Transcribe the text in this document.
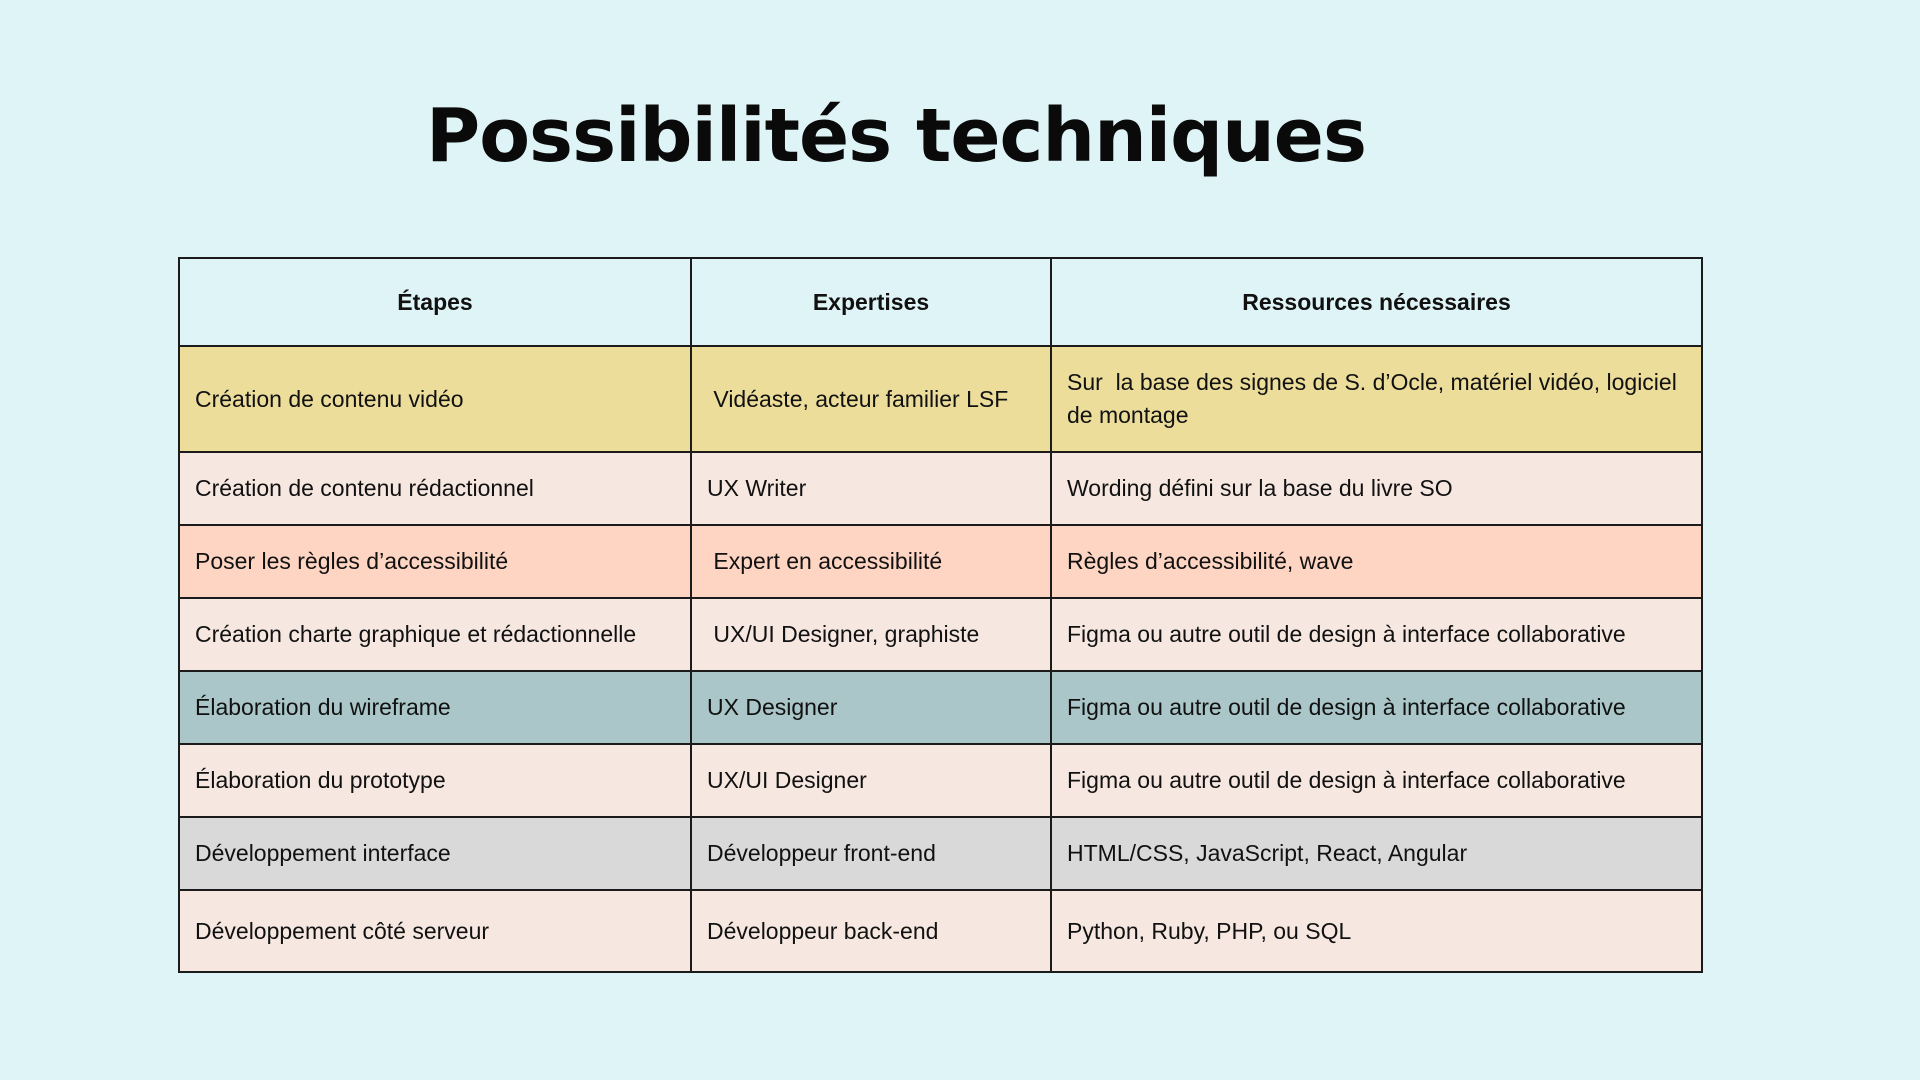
Possibilités techniques
Étapes	Expertises	Ressources nécessaires
Création de contenu vidéo	Vidéaste, acteur familier LSF	Sur  la base des signes de S. d’Ocle, matériel vidéo, logiciel de montage
Création de contenu rédactionnel	UX Writer	Wording défini sur la base du livre SO
Poser les règles d’accessibilité	Expert en accessibilité	Règles d’accessibilité, wave
Création charte graphique et rédactionnelle	UX/UI Designer, graphiste	Figma ou autre outil de design à interface collaborative
Élaboration du wireframe	UX Designer	Figma ou autre outil de design à interface collaborative
Élaboration du prototype	UX/UI Designer	Figma ou autre outil de design à interface collaborative
Développement interface	Développeur front-end	HTML/CSS, JavaScript, React, Angular
Développement côté serveur	Développeur back-end	Python, Ruby, PHP, ou SQL
